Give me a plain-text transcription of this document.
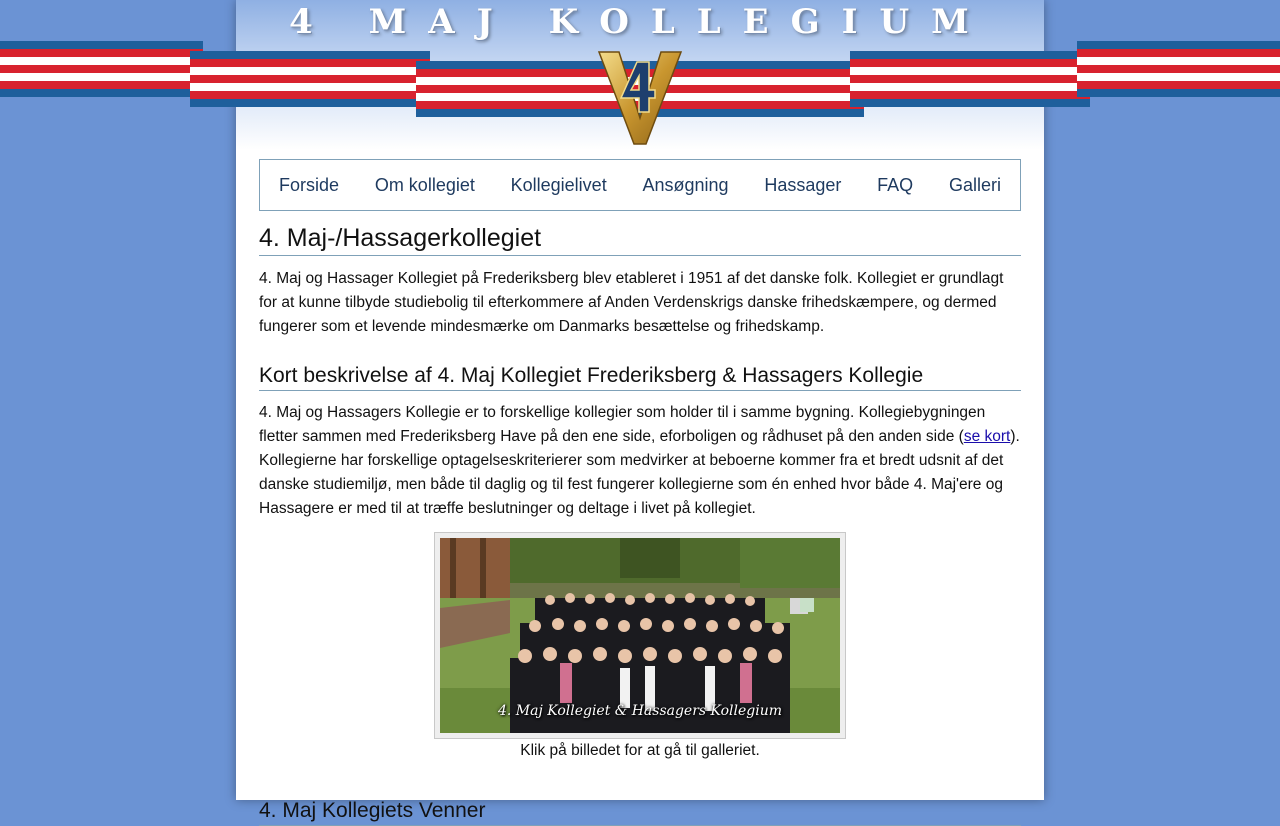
4 MAJ KOLLEGIUM
Forside Om kollegiet Kollegielivet Ansøgning Hassager FAQ Galleri
4. Maj-/Hassagerkollegiet

4. Maj og Hassager Kollegiet på Frederiksberg blev etableret i 1951 af det danske folk. Kollegiet er grundlagt for at kunne tilbyde studiebolig til efterkommere af Anden Verdenskrigs danske frihedskæmpere, og dermed fungerer som et levende mindesmærke om Danmarks besættelse og frihedskamp.

Kort beskrivelse af 4. Maj Kollegiet Frederiksberg & Hassagers Kollegie

4. Maj og Hassagers Kollegie er to forskellige kollegier som holder til i samme bygning. Kollegiebygningen fletter sammen med Frederiksberg Have på den ene side, eforboligen og rådhuset på den anden side (se kort). Kollegierne har forskellige optagelseskriterierer som medvirker at beboerne kommer fra et bredt udsnit af det danske studiemiljø, men både til daglig og til fest fungerer kollegierne som én enhed hvor både 4. Maj'ere og Hassagere er med til at træffe beslutninger og deltage i livet på kollegiet.

4. Maj Kollegiet & Hassagers Kollegium
Klik på billedet for at gå til galleriet.
4. Maj Kollegiets Venner
